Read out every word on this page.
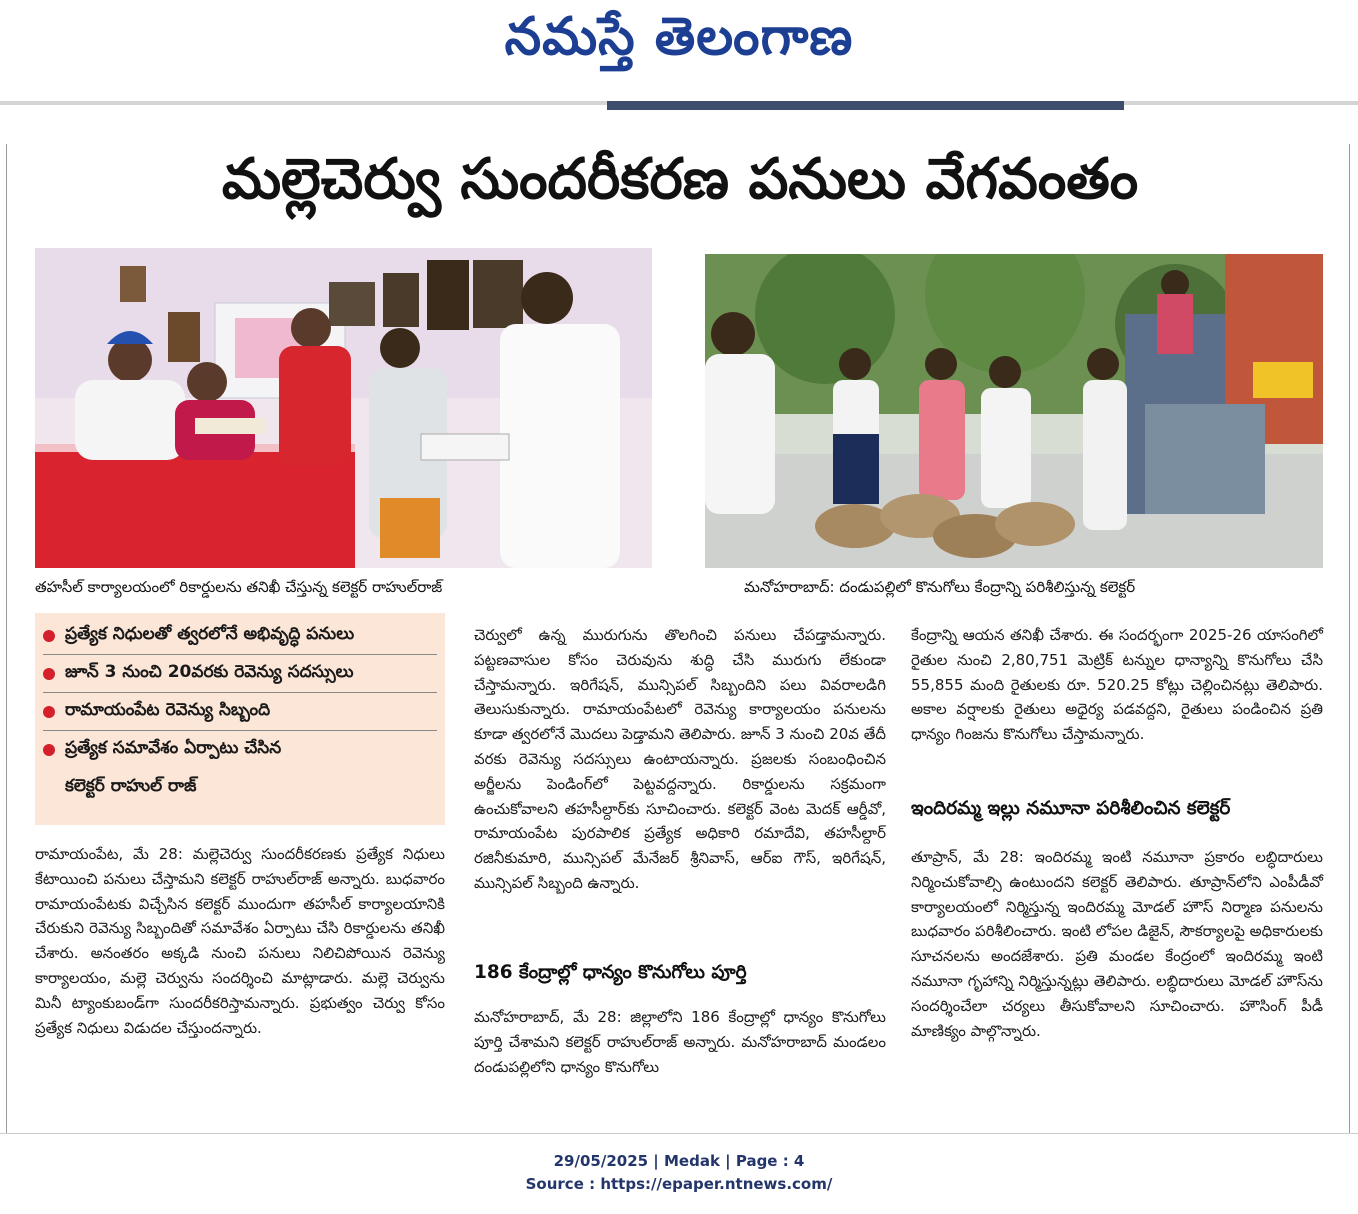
నమస్తే తెలంగాణ
మల్లెచెర్వు సుందరీకరణ పనులు వేగవంతం
తహసీల్ కార్యాలయంలో రికార్డులను తనిఖీ చేస్తున్న కలెక్టర్ రాహుల్‌రాజ్	మనోహరాబాద్: దండుపల్లిలో కొనుగోలు కేంద్రాన్ని పరిశీలిస్తున్న కలెక్టర్
ప్రత్యేక నిధులతో త్వరలోనే అభివృద్ధి పనులు
జూన్ 3 నుంచి 20వరకు రెవెన్యు సదస్సులు
రామాయంపేట రెవెన్యు సిబ్బంది
ప్రత్యేక సమావేశం ఏర్పాటు చేసిన
కలెక్టర్ రాహుల్ రాజ్

రామాయంపేట, మే 28: మల్లెచెర్వు సుందరీకరణకు ప్రత్యేక నిధులు కేటాయించి పనులు చేస్తామని కలెక్టర్ రాహుల్‌రాజ్ అన్నారు. బుధవారం రామాయంపేటకు విచ్చేసిన కలెక్టర్ ముందుగా తహసీల్ కార్యాలయానికి చేరుకుని రెవెన్యు సిబ్బందితో సమావేశం ఏర్పాటు చేసి రికార్డులను తనిఖీ చేశారు. అనంతరం అక్కడి నుంచి పనులు నిలిచిపోయిన రెవెన్యు కార్యాలయం, మల్లె చెర్వును సందర్శించి మాట్లాడారు. మల్లె చెర్వును మినీ ట్యాంకుబండ్‌గా సుందరీకరిస్తామన్నారు. ప్రభుత్వం చెర్వు కోసం ప్రత్యేక నిధులు విడుదల చేస్తుందన్నారు.

చెర్వులో ఉన్న మురుగును తొలగించి పనులు చేపడ్తామన్నారు. పట్టణవాసుల కోసం చెరువును శుద్ధి చేసి మురుగు లేకుండా చేస్తామన్నారు. ఇరిగేషన్, మున్సిపల్ సిబ్బందిని పలు వివరాలడిగి తెలుసుకున్నారు. రామాయంపేటలో రెవెన్యు కార్యాలయం పనులను కూడా త్వరలోనే మొదలు పెడ్తామని తెలిపారు. జూన్ 3 నుంచి 20వ తేదీ వరకు రెవెన్యు సదస్సులు ఉంటాయన్నారు. ప్రజలకు సంబంధించిన అర్జీలను పెండింగ్‌లో పెట్టవద్దన్నారు. రికార్డులను సక్రమంగా ఉంచుకోవాలని తహసీల్దార్‌కు సూచించారు. కలెక్టర్ వెంట మెదక్ ఆర్డీవో, రామాయంపేట పురపాలిక ప్రత్యేక అధికారి రమాదేవి, తహసీల్దార్ రజినీకుమారి, మున్సిపల్ మేనేజర్ శ్రీనివాస్, ఆర్‌ఐ గౌస్, ఇరిగేషన్, మున్సిపల్ సిబ్బంది ఉన్నారు.

186 కేంద్రాల్లో ధాన్యం కొనుగోలు పూర్తి

మనోహరాబాద్, మే 28: జిల్లాలోని 186 కేంద్రాల్లో ధాన్యం కొనుగోలు పూర్తి చేశామని కలెక్టర్ రాహుల్‌రాజ్ అన్నారు. మనోహరాబాద్ మండలం దండుపల్లిలోని ధాన్యం కొనుగోలు

కేంద్రాన్ని ఆయన తనిఖీ చేశారు. ఈ సందర్భంగా 2025-26 యాసంగిలో రైతుల నుంచి 2,80,751 మెట్రిక్ టన్నుల ధాన్యాన్ని కొనుగోలు చేసి 55,855 మంది రైతులకు రూ. 520.25 కోట్లు చెల్లించినట్లు తెలిపారు. అకాల వర్షాలకు రైతులు అధైర్య పడవద్దని, రైతులు పండించిన ప్రతి ధాన్యం గింజను కొనుగోలు చేస్తామన్నారు.

ఇందిరమ్మ ఇల్లు నమూనా పరిశీలించిన కలెక్టర్

తూప్రాన్, మే 28: ఇందిరమ్మ ఇంటి నమూనా ప్రకారం లబ్ధిదారులు నిర్మించుకోవాల్సి ఉంటుందని కలెక్టర్ తెలిపారు. తూప్రాన్‌లోని ఎంపీడీవో కార్యాలయంలో నిర్మిస్తున్న ఇందిరమ్మ మోడల్ హౌస్ నిర్మాణ పనులను బుధవారం పరిశీలించారు. ఇంటి లోపల డిజైన్, సౌకర్యాలపై అధికారులకు సూచనలను అందజేశారు. ప్రతి మండల కేంద్రంలో ఇందిరమ్మ ఇంటి నమూనా గృహాన్ని నిర్మిస్తున్నట్లు తెలిపారు. లబ్ధిదారులు మోడల్ హౌస్‌ను సందర్శించేలా చర్యలు తీసుకోవాలని సూచించారు. హౌసింగ్ పీడీ మాణిక్యం పాల్గొన్నారు.

29/05/2025 | Medak | Page : 4
Source : https://epaper.ntnews.com/
